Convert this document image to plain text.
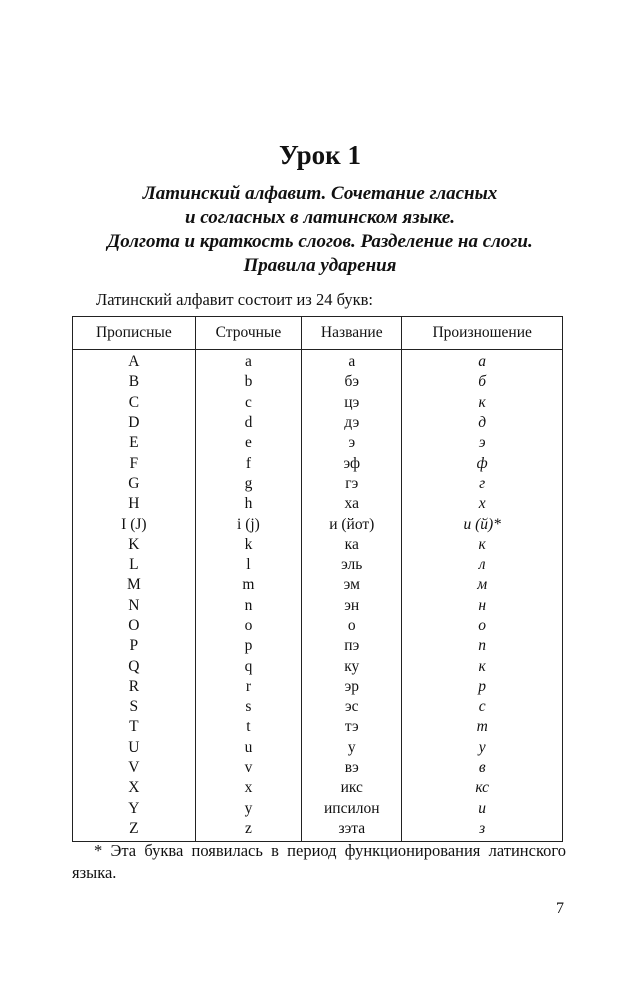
Урок 1
Латинский алфавит. Сочетание гласных
и согласных в латинском языке.
Долгота и краткость слогов. Разделение на слоги.
Правила ударения

Латинский алфавит состоит из 24 букв:

Прописные	Строчные	Название	Произношение
A	a	а	а
B	b	бэ	б
C	c	цэ	к
D	d	дэ	д
E	e	э	э
F	f	эф	ф
G	g	гэ	г
H	h	ха	х
I (J)	i (j)	и (йот)	и (й)*
K	k	ка	к
L	l	эль	л
M	m	эм	м
N	n	эн	н
O	o	о	о
P	p	пэ	п
Q	q	ку	к
R	r	эр	р
S	s	эс	с
T	t	тэ	т
U	u	у	у
V	v	вэ	в
X	x	икс	кс
Y	y	ипсилон	и
Z	z	зэта	з

* Эта буква появилась в период функционирования латинского языка.

7
